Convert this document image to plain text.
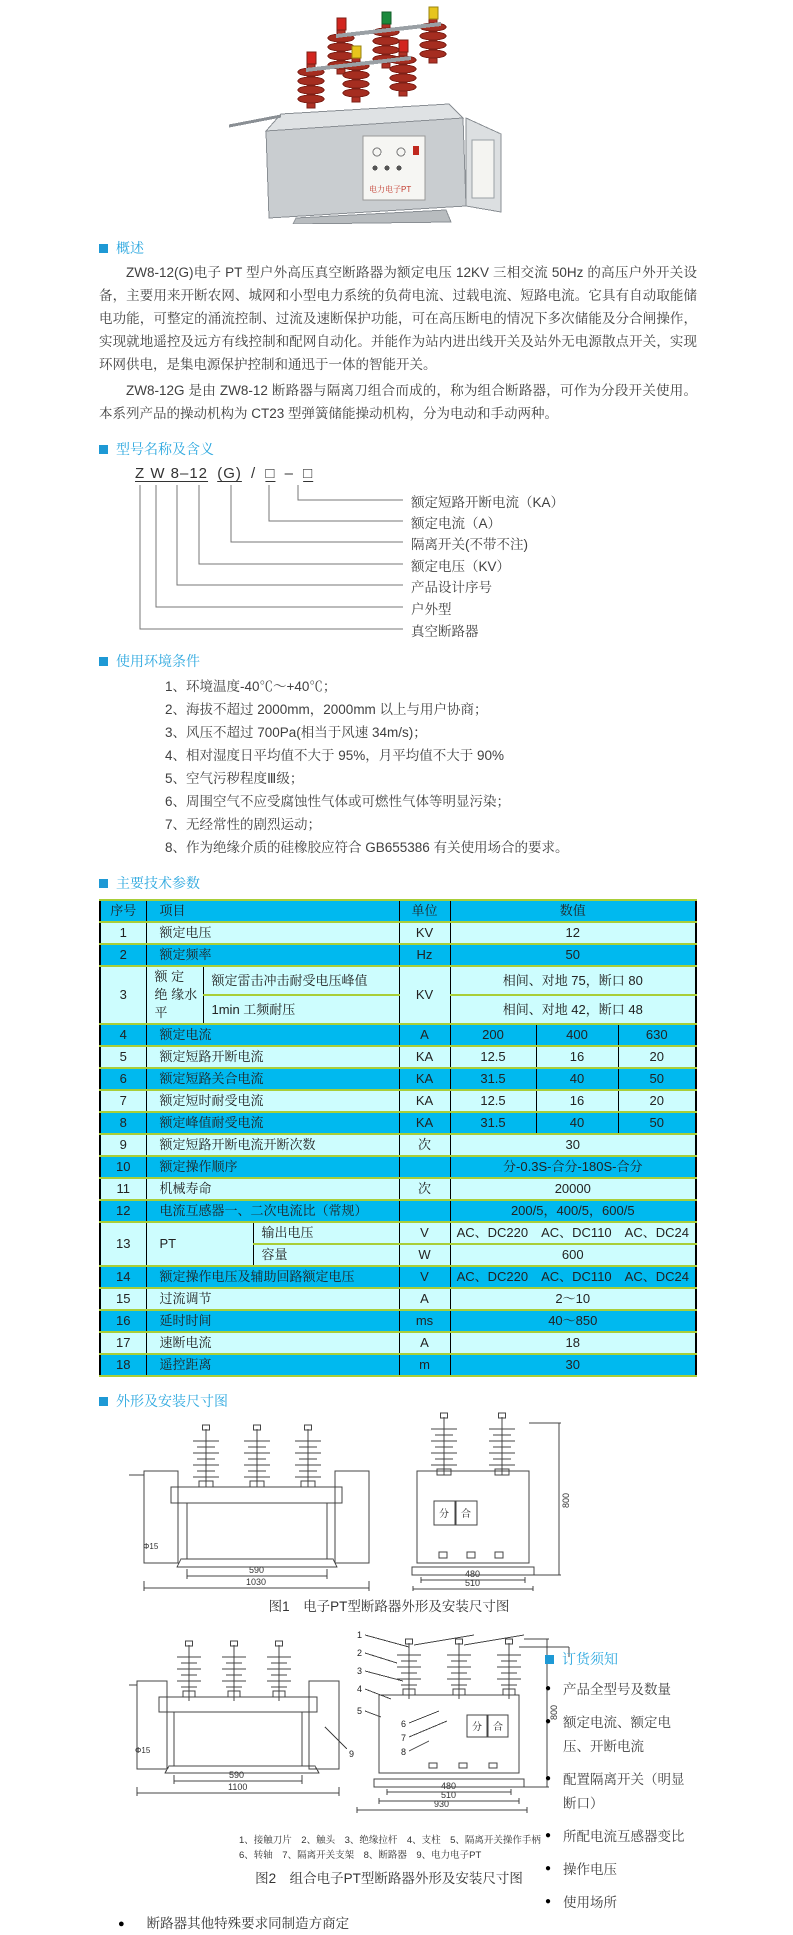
电力电子PT
概述
ZW8-12(G)电子 PT 型户外高压真空断路器为额定电压 12KV 三相交流 50Hz 的高压户外开关设备，主要用来开断农网、城网和小型电力系统的负荷电流、过载电流、短路电流。它具有自动取能储电功能，可整定的涌流控制、过流及速断保护功能，可在高压断电的情况下多次储能及分合闸操作，实现就地遥控及远方有线控制和配网自动化。并能作为站内进出线开关及站外无电源散点开关，实现环网供电，是集电源保护控制和通迅于一体的智能开关。
ZW8-12G 是由 ZW8-12 断路器与隔离刀组合而成的，称为组合断路器，可作为分段开关使用。本系列产品的操动机构为 CT23 型弹簧储能操动机构，分为电动和手动两种。
型号名称及含义
Z W 8–12 (G) / □ – □
额定短路开断电流（KA）
额定电流（A）
隔离开关(不带不注)
额定电压（KV）
产品设计序号
户外型
真空断路器
使用环境条件
1、环境温度-40℃～+40℃；
2、海拔不超过 2000mm，2000mm 以上与用户协商；
3、风压不超过 700Pa(相当于风速 34m/s)；
4、相对湿度日平均值不大于 95%，月平均值不大于 90%
5、空气污秽程度Ⅲ级；
6、周围空气不应受腐蚀性气体或可燃性气体等明显污染；
7、无经常性的剧烈运动；
8、作为绝缘介质的硅橡胶应符合 GB655386 有关使用场合的要求。
主要技术参数
序号	项目			单位	数值		
1	额定电压			KV	12		
2	额定频率			Hz	50		
3	额 定 绝 缘水平	额定雷击冲击耐受电压峰值		KV	相间、对地 75，断口 80		
		1min 工频耐压			相间、对地 42，断口 48		
4	额定电流			A	200	400	630
5	额定短路开断电流			KA	12.5	16	20
6	额定短路关合电流			KA	31.5	40	50
7	额定短时耐受电流			KA	12.5	16	20
8	额定峰值耐受电流			KA	31.5	40	50
9	额定短路开断电流开断次数			次	30		
10	额定操作顺序				分-0.3S-合分-180S-合分		
11	机械寿命			次	20000		
12	电流互感器一、二次电流比（常规）				200/5，400/5，600/5		
13	PT		输出电压	V	AC、DC220　AC、DC110　AC、DC24		
			容量	W	600		
14	额定操作电压及辅助回路额定电压			V	AC、DC220　AC、DC110　AC、DC24		
15	过流调节			A	2～10		
16	延时时间			ms	40～850		
17	速断电流			A	18		
18	遥控距离			m	30		
外形及安装尺寸图
Φ15
分 合
590
1030
480
510
800
图1　电子PT型断路器外形及安装尺寸图
Φ15
分 合
1
2
3
4
5
6
7
8
9
590
1100	480
510
930
800
1、接触刀片　2、触头　3、绝缘拉杆　4、支柱　5、隔离开关操作手柄
6、转轴　7、隔离开关支架　8、断路器　9、电力电子PT
图2　组合电子PT型断路器外形及安装尺寸图
订货须知
● 产品全型号及数量
● 额定电流、额定电压、开断电流
● 配置隔离开关（明显断口）
● 所配电流互感器变比
● 操作电压
● 使用场所
● 断路器其他特殊要求同制造方商定
